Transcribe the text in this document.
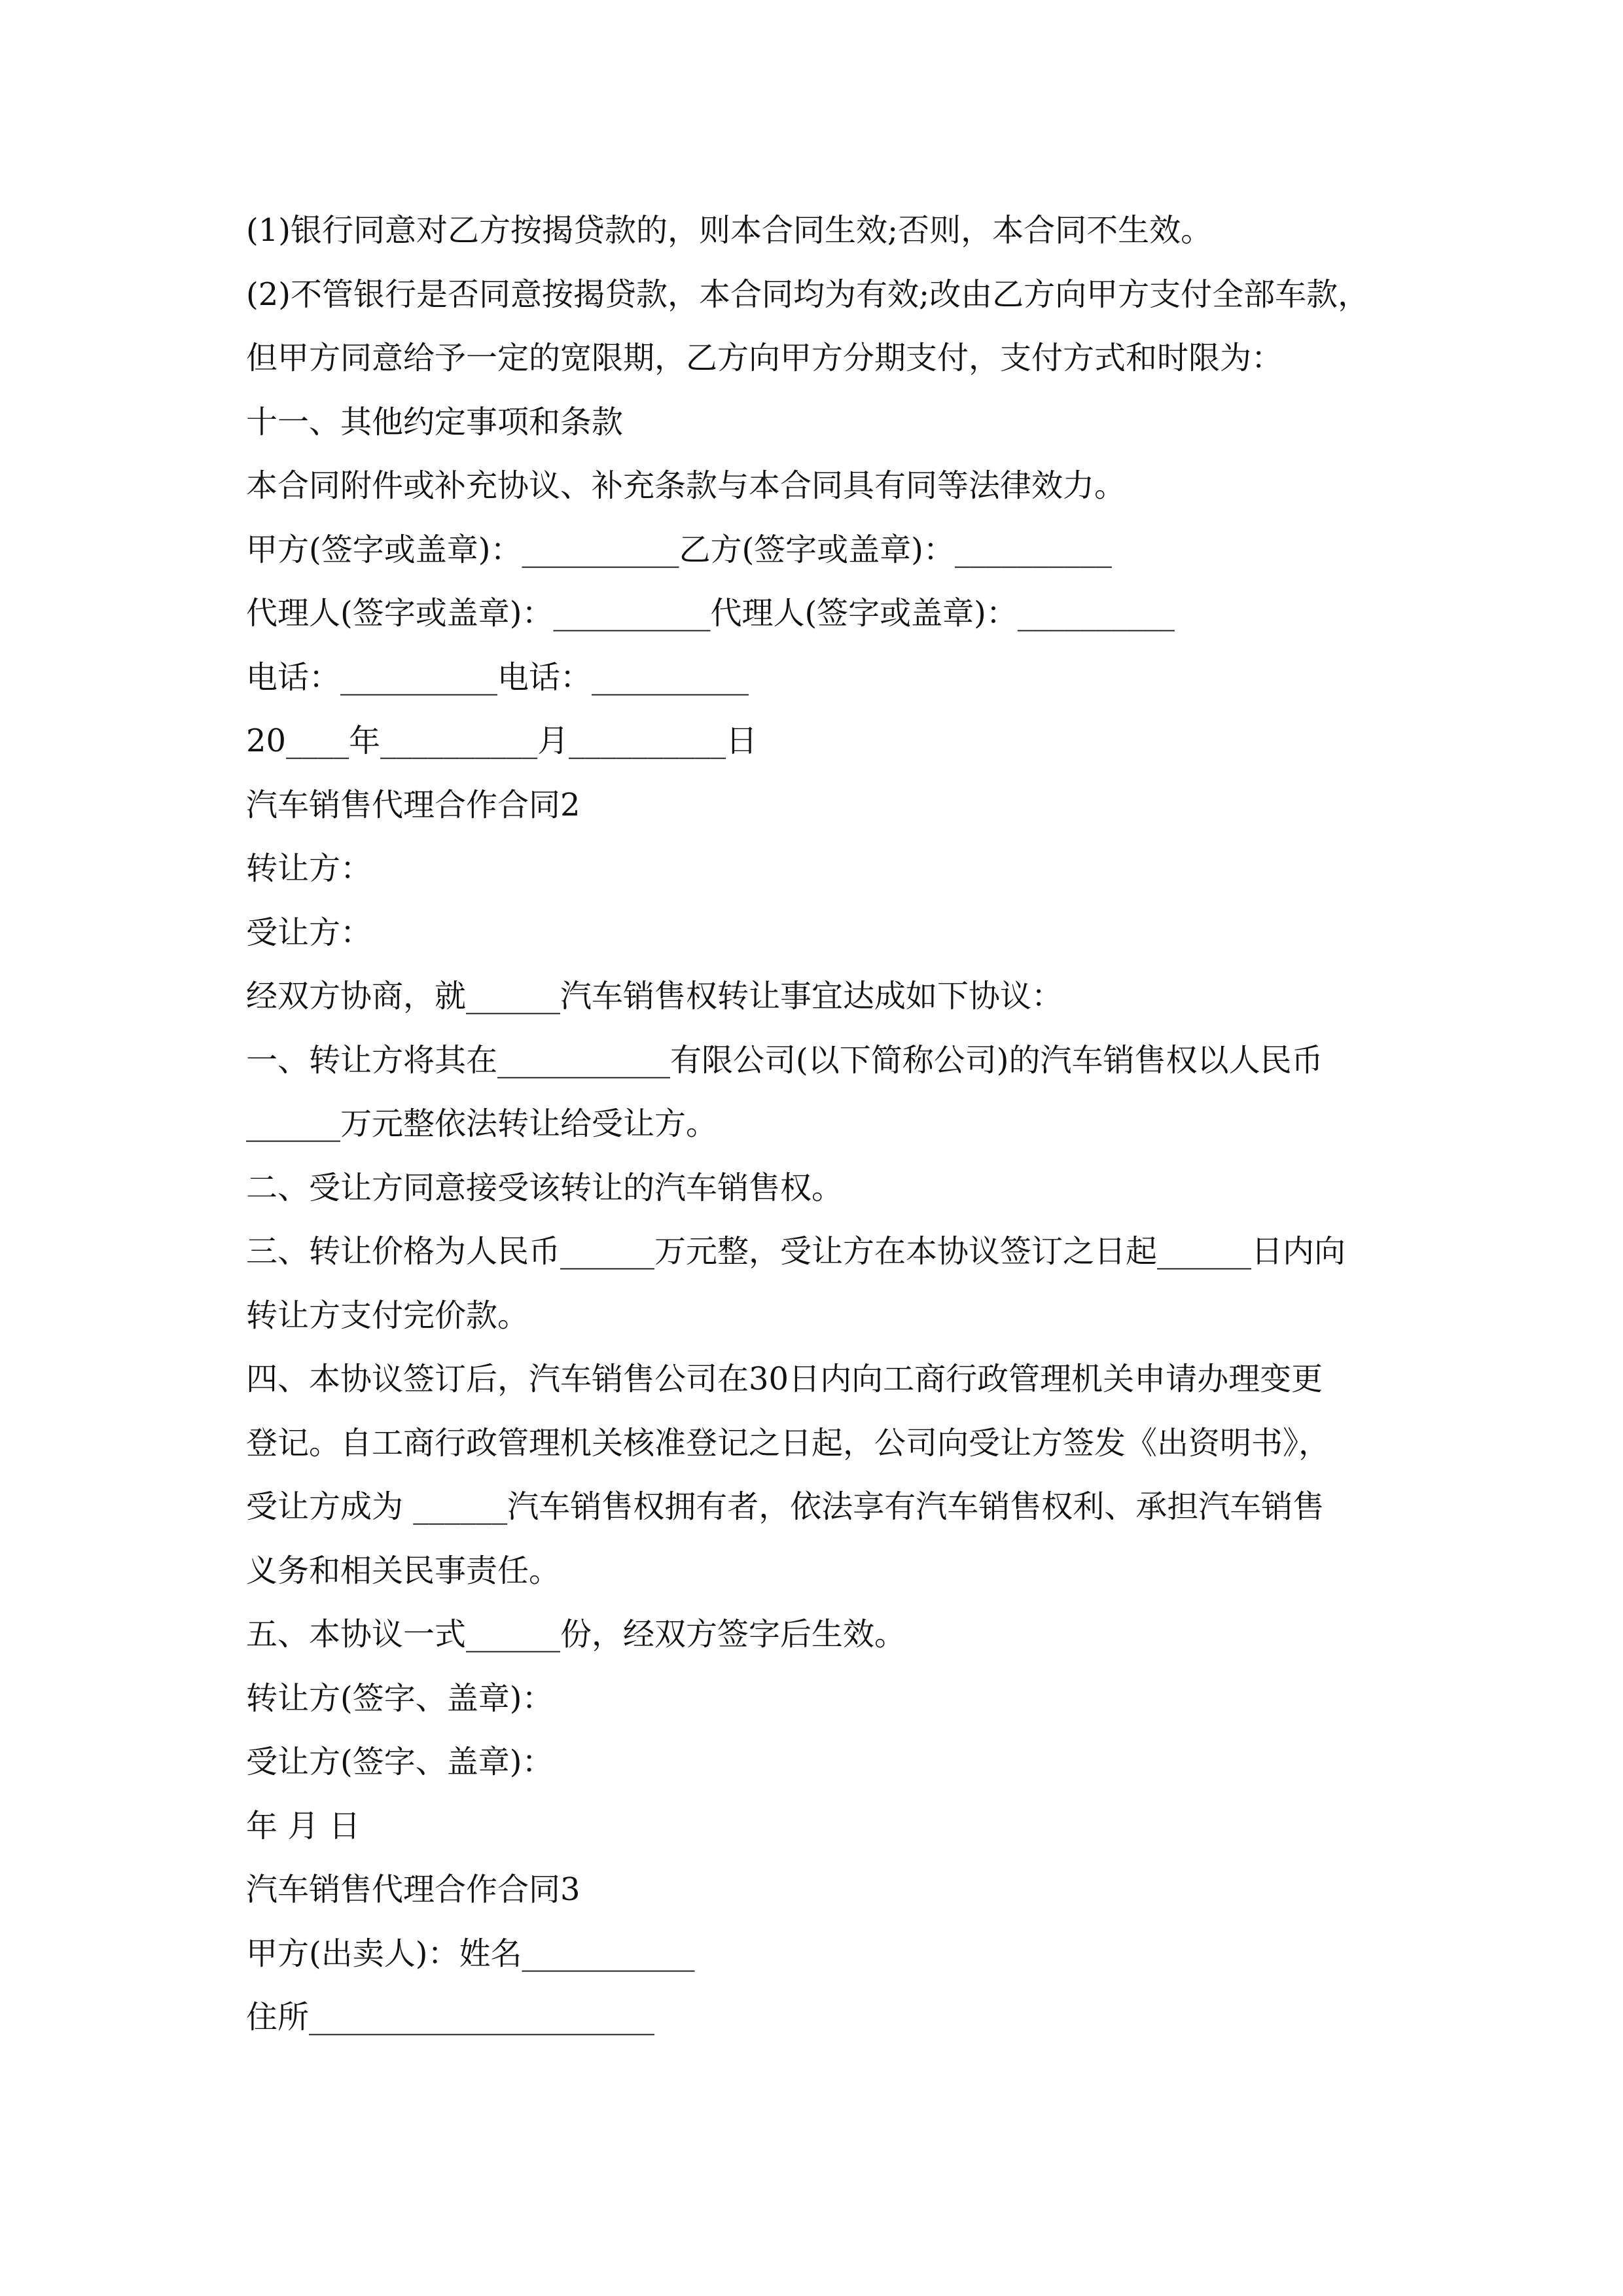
(1)银行同意对乙方按揭贷款的，则本合同生效;否则，本合同不生效。
(2)不管银行是否同意按揭贷款，本合同均为有效;改由乙方向甲方支付全部车款，
但甲方同意给予一定的宽限期，乙方向甲方分期支付，支付方式和时限为：
十一、其他约定事项和条款
本合同附件或补充协议、补充条款与本合同具有同等法律效力。
甲方(签字或盖章)：__________乙方(签字或盖章)：__________
代理人(签字或盖章)：__________代理人(签字或盖章)：__________
电话：__________电话：__________
20____年__________月__________日
汽车销售代理合作合同2
转让方：
受让方：
经双方协商，就______汽车销售权转让事宜达成如下协议：
一、转让方将其在___________有限公司(以下简称公司)的汽车销售权以人民币
______万元整依法转让给受让方。
二、受让方同意接受该转让的汽车销售权。
三、转让价格为人民币______万元整，受让方在本协议签订之日起______日内向
转让方支付完价款。
四、本协议签订后，汽车销售公司在30日内向工商行政管理机关申请办理变更
登记。自工商行政管理机关核准登记之日起，公司向受让方签发《出资明书》，
受让方成为 ______汽车销售权拥有者，依法享有汽车销售权利、承担汽车销售
义务和相关民事责任。
五、本协议一式______份，经双方签字后生效。
转让方(签字、盖章)：
受让方(签字、盖章)：
年 月 日
汽车销售代理合作合同3
甲方(出卖人)：姓名___________
住所______________________
